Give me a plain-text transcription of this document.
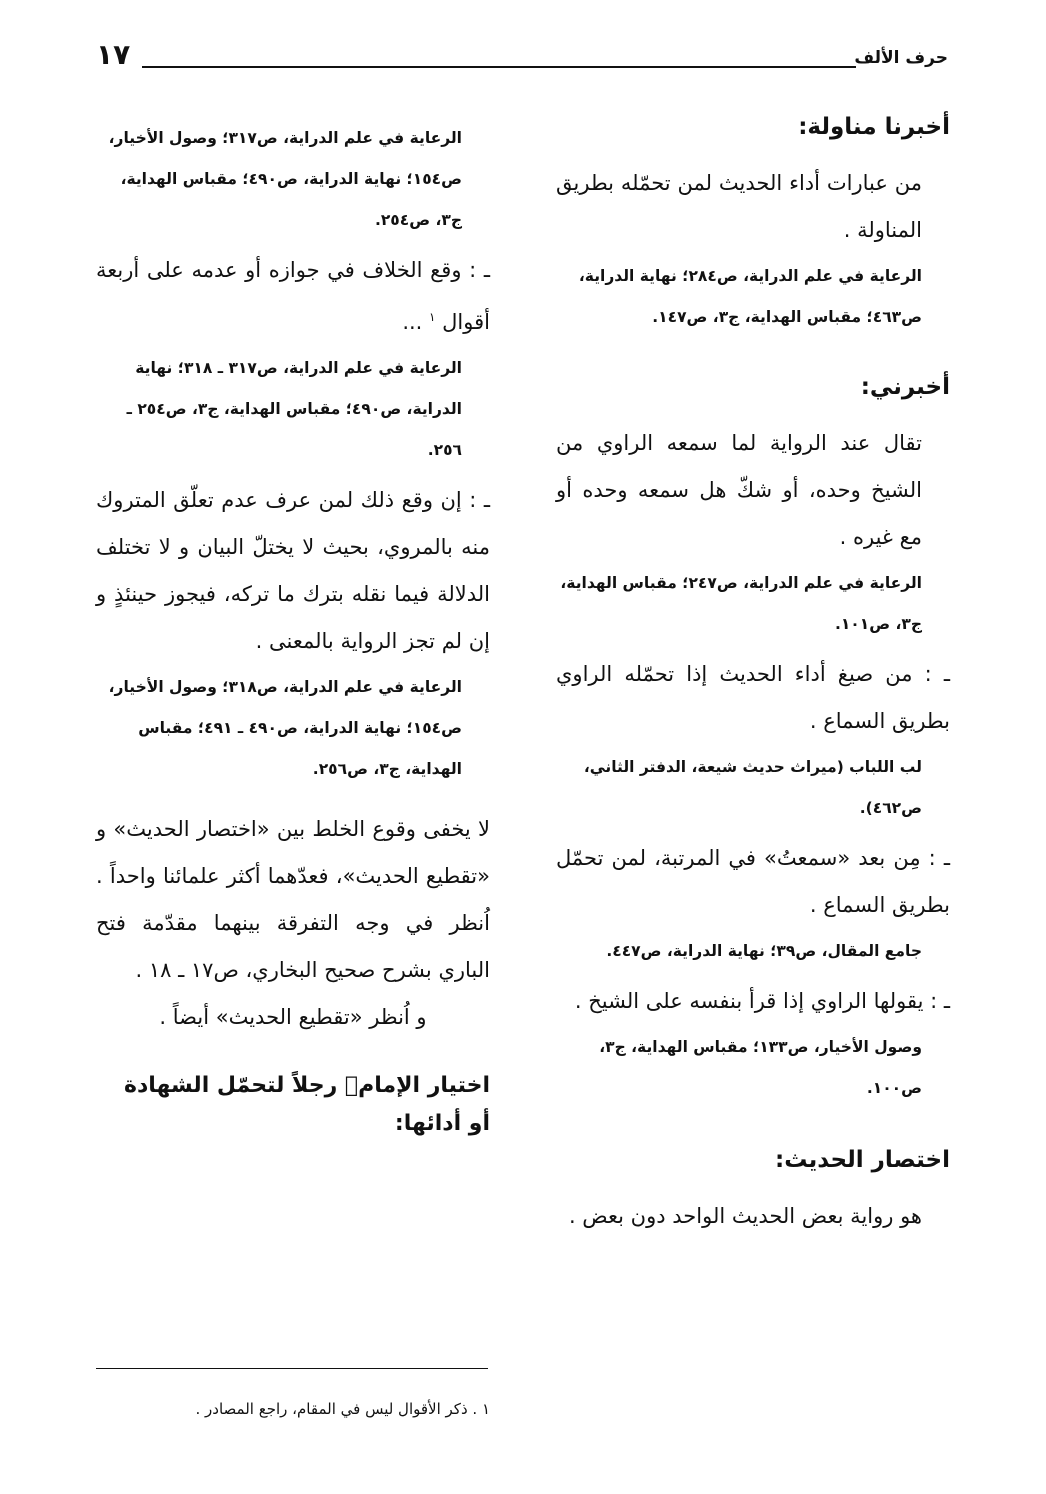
حرف الألف
١٧
أخبرنا مناولة:
من عبارات أداء الحديث لمن تحمّله بطريق المناولة .
الرعاية في علم الدراية، ص٢٨٤؛ نهاية الدراية، ص٤٦٣؛ مقباس الهداية، ج٣، ص١٤٧.
أخبرني:
تقال عند الرواية لما سمعه الراوي من الشيخ وحده، أو شكّ هل سمعه وحده أو مع غيره .
الرعاية في علم الدراية، ص٢٤٧؛ مقباس الهداية، ج٣، ص١٠١.
ـ : من صيغ أداء الحديث إذا تحمّله الراوي بطريق السماع .
لب اللباب (ميراث حديث شيعة، الدفتر الثاني، ص٤٦٢).
ـ : مِن بعد «سمعتُ» في المرتبة، لمن تحمّل بطريق السماع .
جامع المقال، ص٣٩؛ نهاية الدراية، ص٤٤٧.
ـ : يقولها الراوي إذا قرأ بنفسه على الشيخ .
وصول الأخيار، ص١٣٣؛ مقباس الهداية، ج٣، ص١٠٠.
اختصار الحديث:
هو رواية بعض الحديث الواحد دون بعض .
الرعاية في علم الدراية، ص٣١٧؛ وصول الأخيار، ص١٥٤؛ نهاية الدراية، ص٤٩٠؛ مقباس الهداية، ج٣، ص٢٥٤.
ـ : وقع الخلاف في جوازه أو عدمه على أربعة أقوال $^١$ ...
الرعاية في علم الدراية، ص٣١٧ ـ ٣١٨؛ نهاية الدراية، ص٤٩٠؛ مقباس الهداية، ج٣، ص٢٥٤ ـ ٢٥٦.
ـ : إن وقع ذلك لمن عرف عدم تعلّق المتروك منه بالمروي، بحيث لا يختلّ البيان و لا تختلف الدلالة فيما نقله بترك ما تركه، فيجوز حينئذٍ و إن لم تجز الرواية بالمعنى .
الرعاية في علم الدراية، ص٣١٨؛ وصول الأخيار، ص١٥٤؛ نهاية الدراية، ص٤٩٠ ـ ٤٩١؛ مقباس الهداية، ج٣، ص٢٥٦.
لا يخفى وقوع الخلط بين «اختصار الحديث» و «تقطيع الحديث»، فعدّهما أكثر علمائنا واحداً . اُنظر في وجه التفرقة بينهما مقدّمة فتح الباري بشرح صحيح البخاري، ص١٧ ـ ١٨ .
و اُنظر «تقطيع الحديث» أيضاً .
اختيار الإمامؑ رجلاً لتحمّل الشهادة أو أدائها:
١ . ذكر الأقوال ليس في المقام، راجع المصادر .
